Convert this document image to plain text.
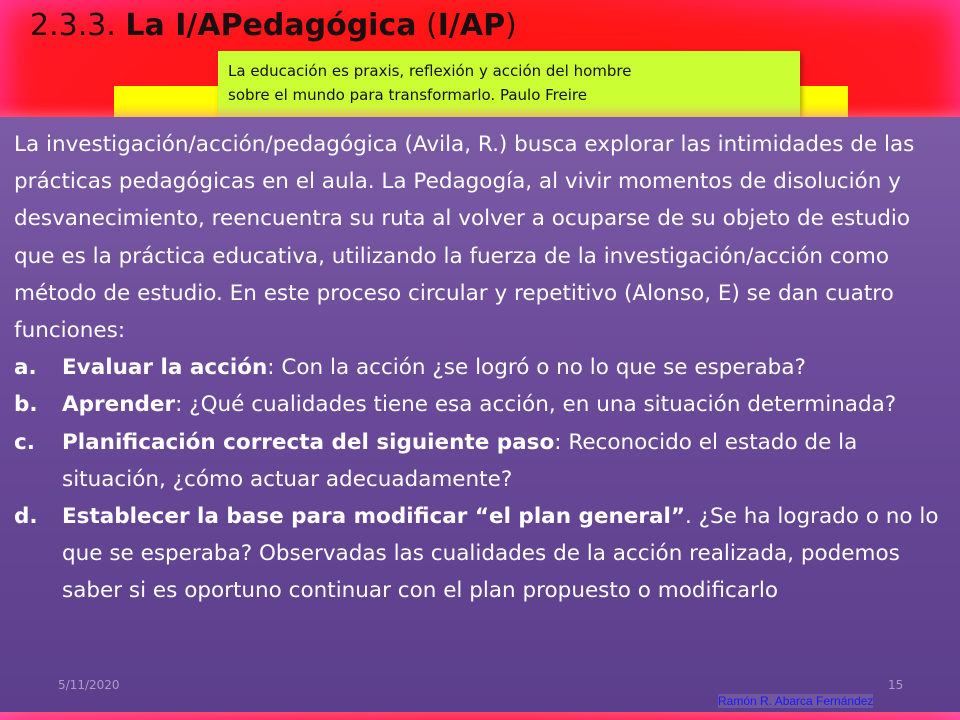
2.3.3. La I/APedagógica (I/AP)
La educación es praxis, reflexión y acción del hombre
sobre el mundo para transformarlo. Paulo Freire

La investigación/acción/pedagógica (Avila, R.) busca explorar las intimidades de las prácticas pedagógicas en el aula. La Pedagogía, al vivir momentos de disolución y desvanecimiento, reencuentra su ruta al volver a ocuparse de su objeto de estudio que es la práctica educativa, utilizando la fuerza de la investigación/acción como método de estudio. En este proceso circular y repetitivo (Alonso, E) se dan cuatro funciones:

a. Evaluar la acción: Con la acción ¿se logró o no lo que se esperaba?
b. Aprender: ¿Qué cualidades tiene esa acción, en una situación determinada?
c. Planificación correcta del siguiente paso: Reconocido el estado de la situación, ¿cómo actuar adecuadamente?
d. Establecer la base para modificar “el plan general”. ¿Se ha logrado o no lo que se esperaba? Observadas las cualidades de la acción realizada, podemos saber si es oportuno continuar con el plan propuesto o modificarlo
5/11/2020	15
Ramón R. Abarca Fernández
